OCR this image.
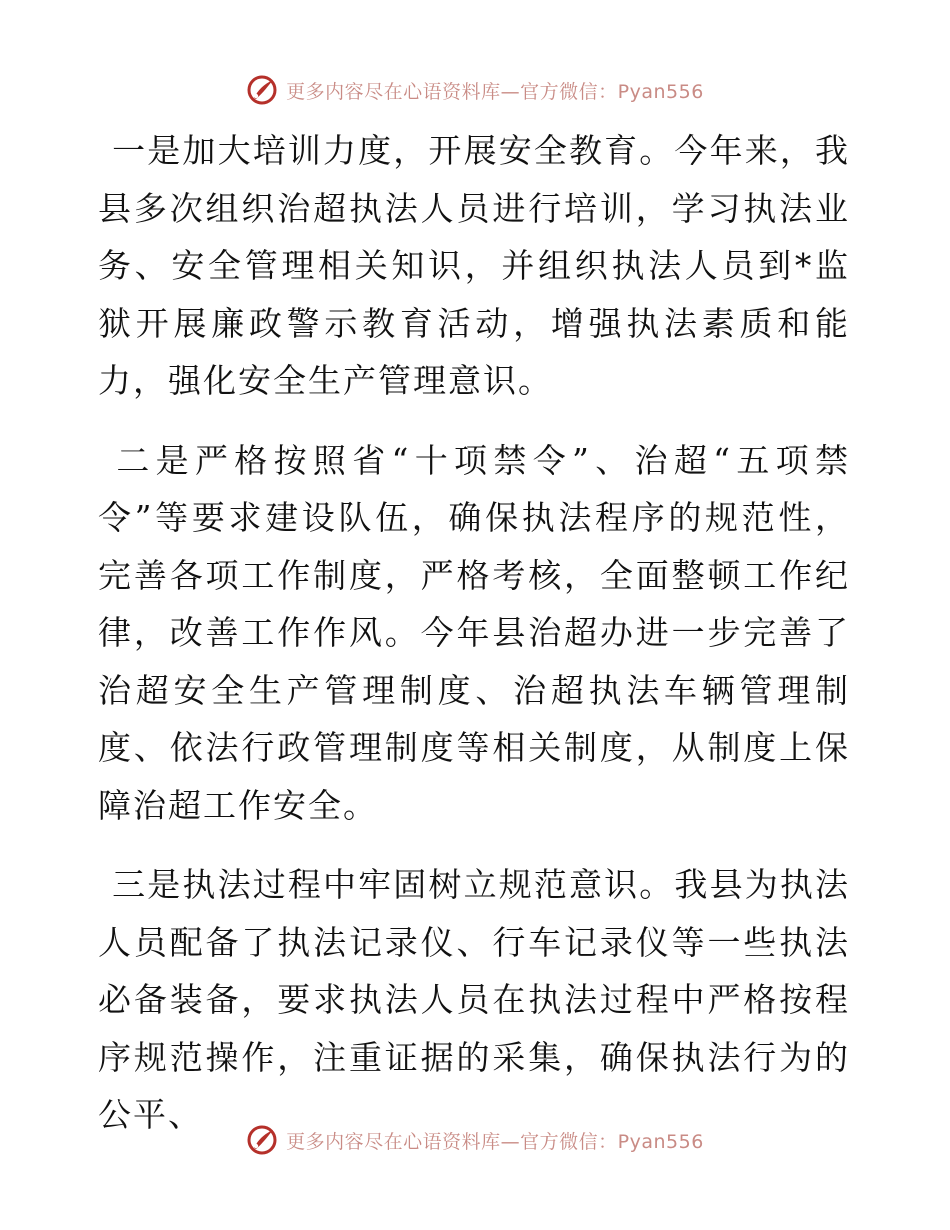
更多内容尽在心语资料库—官方微信：Pyan556

一是加大培训力度，开展安全教育。今年来，我县多次组织治超执法人员进行培训，学习执法业务、安全管理相关知识，并组织执法人员到*监狱开展廉政警示教育活动，增强执法素质和能力，强化安全生产管理意识。

二是严格按照省“十项禁令”、治超“五项禁令”等要求建设队伍，确保执法程序的规范性，完善各项工作制度，严格考核，全面整顿工作纪律，改善工作作风。今年县治超办进一步完善了治超安全生产管理制度、治超执法车辆管理制度、依法行政管理制度等相关制度，从制度上保障治超工作安全。

三是执法过程中牢固树立规范意识。我县为执法人员配备了执法记录仪、行车记录仪等一些执法必备装备，要求执法人员在执法过程中严格按程序规范操作，注重证据的采集，确保执法行为的公平、

更多内容尽在心语资料库—官方微信：Pyan556
